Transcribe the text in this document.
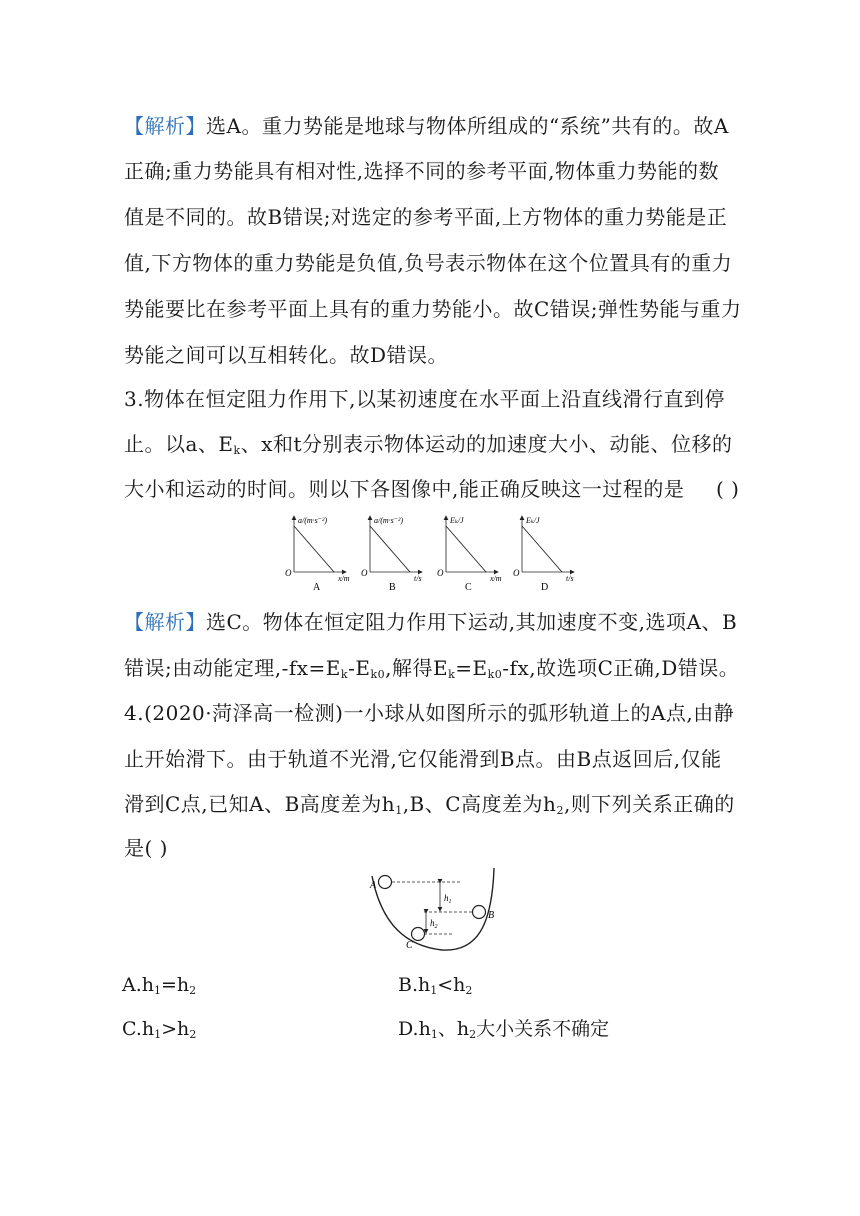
【解析】选A。重力势能是地球与物体所组成的“系统”共有的。故A
正确;重力势能具有相对性,选择不同的参考平面,物体重力势能的数
值是不同的。故B错误;对选定的参考平面,上方物体的重力势能是正
值,下方物体的重力势能是负值,负号表示物体在这个位置具有的重力
势能要比在参考平面上具有的重力势能小。故C错误;弹性势能与重力
势能之间可以互相转化。故D错误。
3.物体在恒定阻力作用下,以某初速度在水平面上沿直线滑行直到停
止。以a、$E_k$、x和t分别表示物体运动的加速度大小、动能、位移的
大小和运动的时间。则以下各图像中,能正确反映这一过程的是 ( )
a/(m·s⁻²)
x/m
O
A
a/(m·s⁻²)
t/s
O
B
Eₖ/J
x/m
O
C
Eₖ/J
t/s
O
D
【解析】选C。物体在恒定阻力作用下运动,其加速度不变,选项A、B
错误;由动能定理$,-fx=E_k-E_{k0}$,解得$E_k=E_{k0}-fx$,故选项C正确,D错误。
4.(2020·菏泽高一检测)一小球从如图所示的弧形轨道上的A点,由静
止开始滑下。由于轨道不光滑,它仅能滑到B点。由B点返回后,仅能
滑到C点,已知A、B高度差为$h_1,B$、C高度差为$h_2$,则下列关系正确的
是( )
A
B
C
$h_1$
$h_2$
$A.h_1=h_2$	$B.h_1<h_2$
$C.h_1>h_2$	$D.h_1$、$h_2$大小关系不确定
